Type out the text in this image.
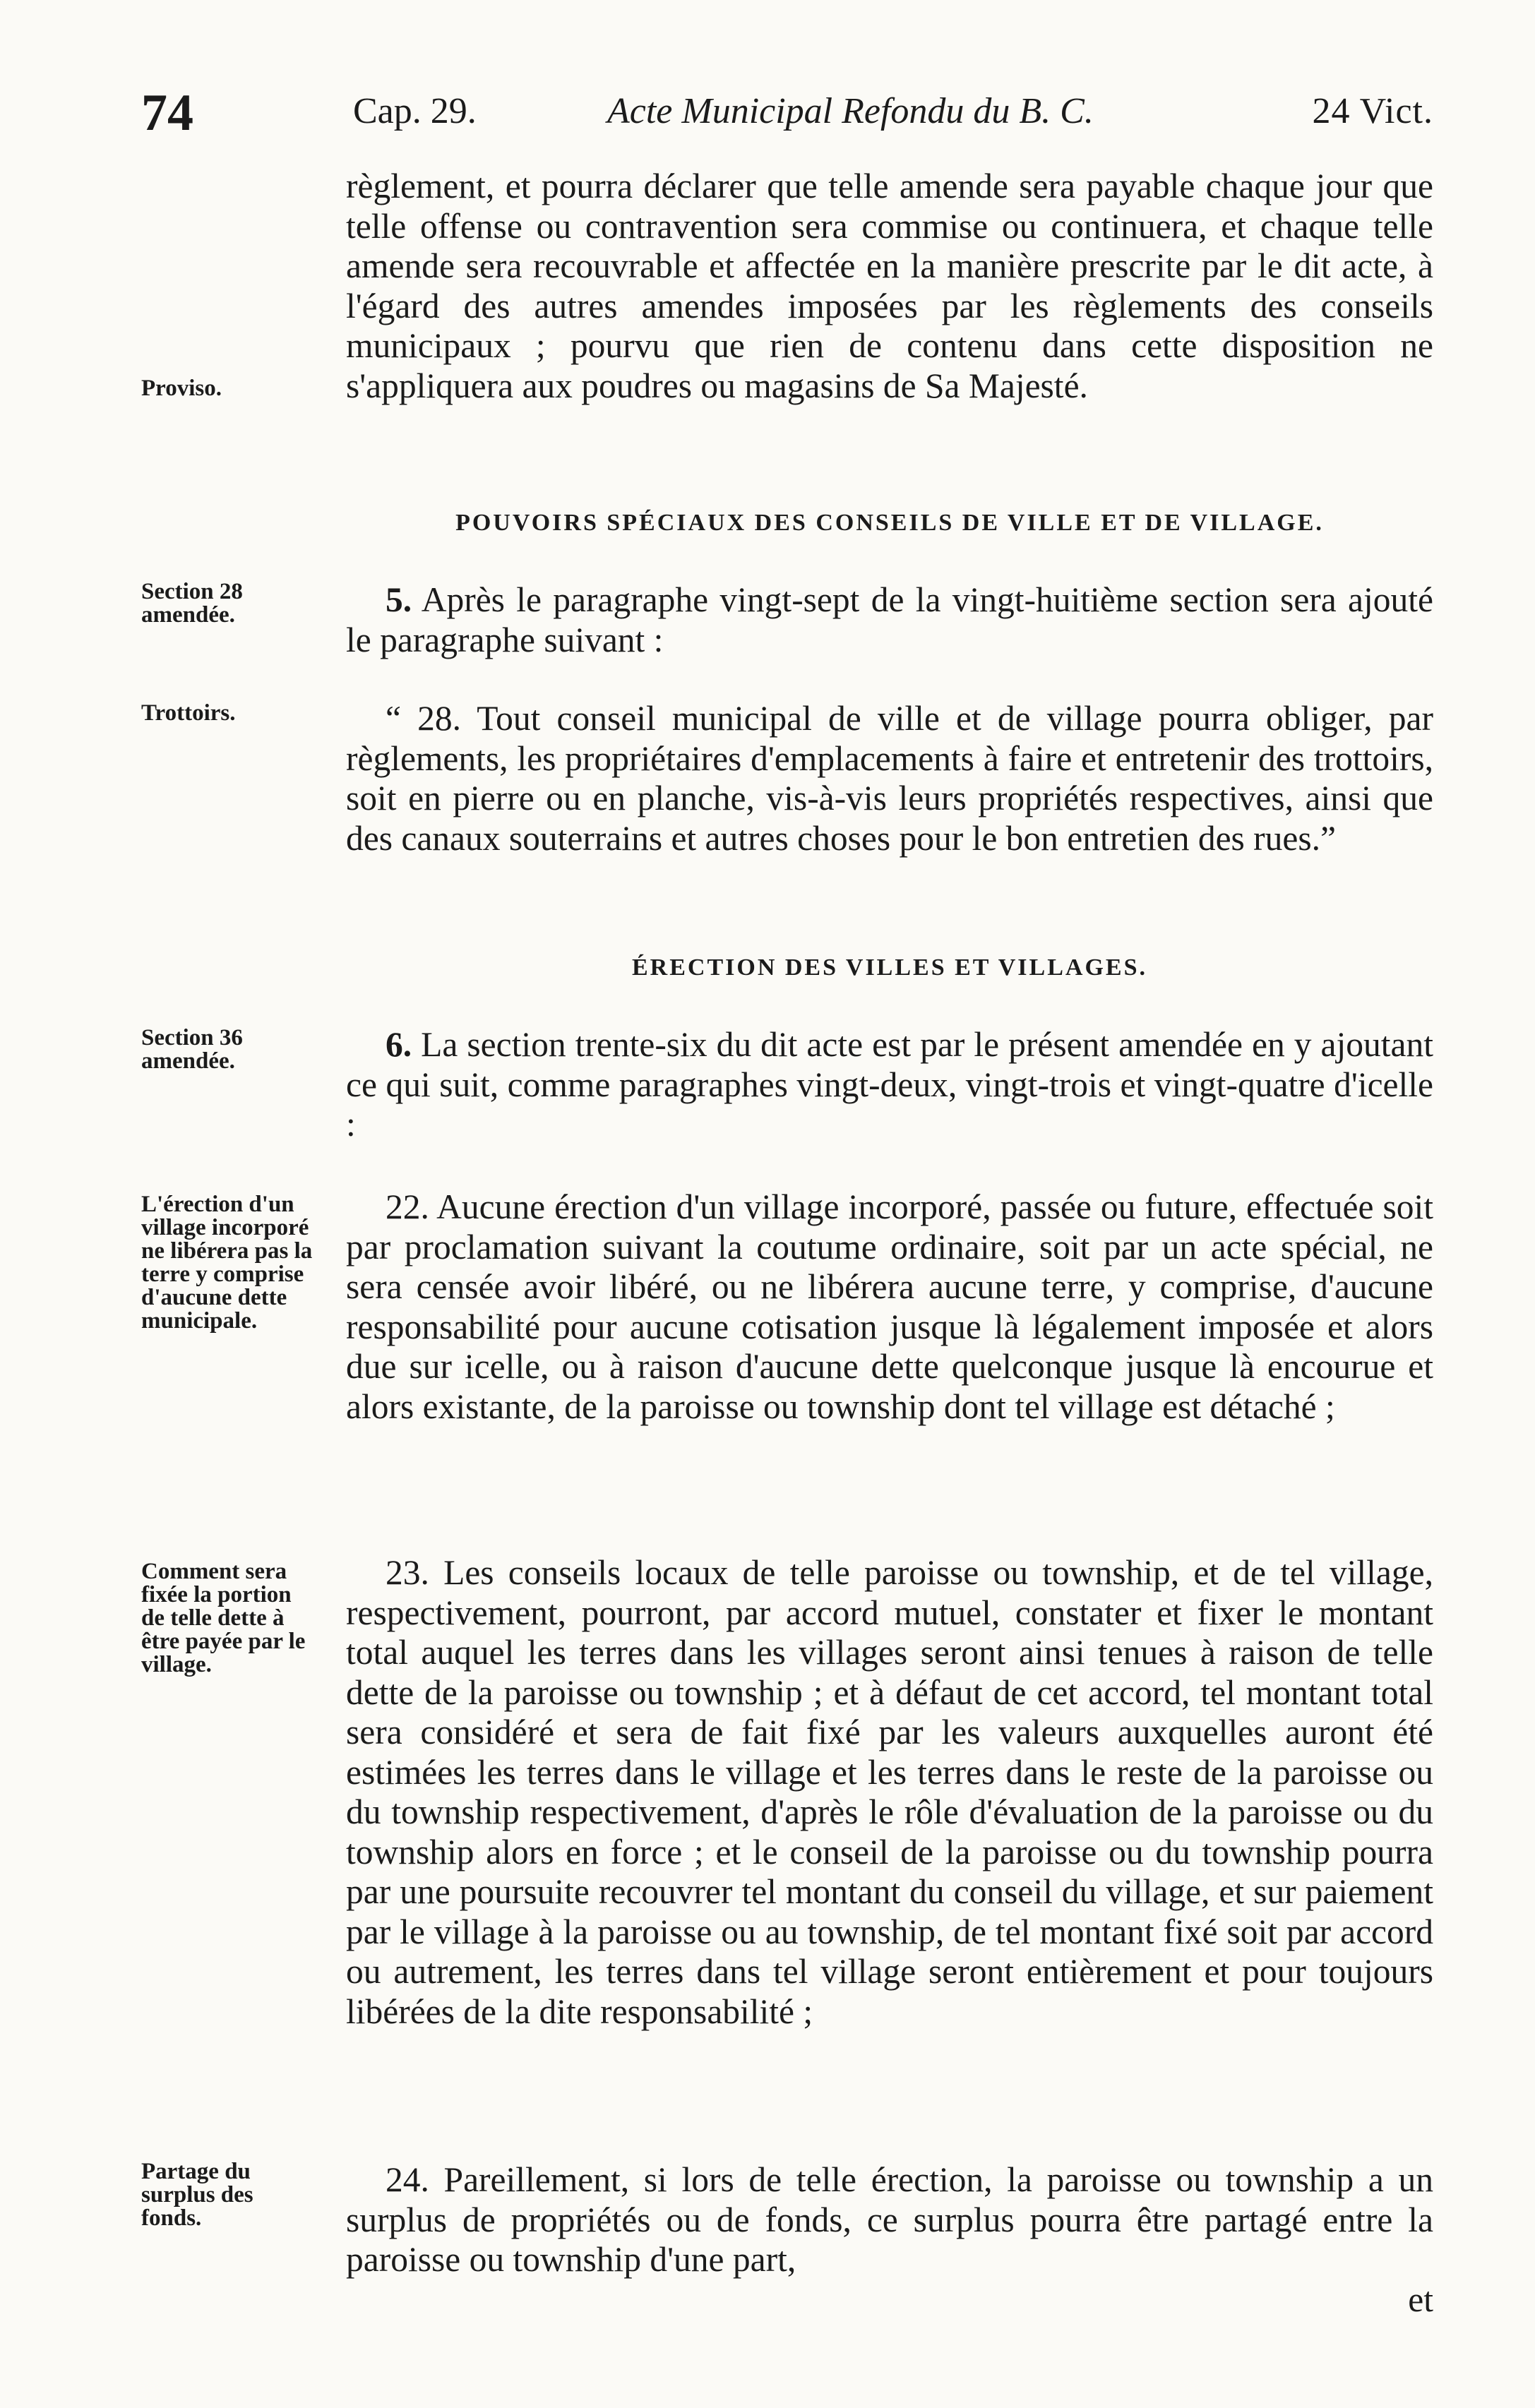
74	Cap. 29.	Acte Municipal Refondu du B. C.	24 Vict.
règlement, et pourra déclarer que telle amende sera payable chaque jour que telle offense ou contravention sera commise ou continuera, et chaque telle amende sera recouvrable et affectée en la manière prescrite par le dit acte, à l'égard des autres amendes imposées par les règlements des conseils municipaux ; pourvu que rien de contenu dans cette disposition ne s'appliquera aux poudres ou magasins de Sa Majesté.
Proviso.
POUVOIRS SPÉCIAUX DES CONSEILS DE VILLE ET DE VILLAGE.
5. Après le paragraphe vingt-sept de la vingt-huitième section sera ajouté le paragraphe suivant :
Section 28 amendée.
“ 28. Tout conseil municipal de ville et de village pourra obliger, par règlements, les propriétaires d'emplacements à faire et entretenir des trottoirs, soit en pierre ou en planche, vis-à-vis leurs propriétés respectives, ainsi que des canaux souterrains et autres choses pour le bon entretien des rues.”
Trottoirs.
ÉRECTION DES VILLES ET VILLAGES.
6. La section trente-six du dit acte est par le présent amendée en y ajoutant ce qui suit, comme paragraphes vingt-deux, vingt-trois et vingt-quatre d'icelle :
Section 36 amendée.
22. Aucune érection d'un village incorporé, passée ou future, effectuée soit par proclamation suivant la coutume ordinaire, soit par un acte spécial, ne sera censée avoir libéré, ou ne libérera aucune terre, y comprise, d'aucune responsabilité pour aucune cotisation jusque là légalement imposée et alors due sur icelle, ou à raison d'aucune dette quelconque jusque là encourue et alors existante, de la paroisse ou township dont tel village est détaché ;
L'érection d'un village incorporé ne libérera pas la terre y comprise d'aucune dette municipale.
23. Les conseils locaux de telle paroisse ou township, et de tel village, respectivement, pourront, par accord mutuel, constater et fixer le montant total auquel les terres dans les villages seront ainsi tenues à raison de telle dette de la paroisse ou township ; et à défaut de cet accord, tel montant total sera considéré et sera de fait fixé par les valeurs auxquelles auront été estimées les terres dans le village et les terres dans le reste de la paroisse ou du township respectivement, d'après le rôle d'évaluation de la paroisse ou du township alors en force ; et le conseil de la paroisse ou du township pourra par une poursuite recouvrer tel montant du conseil du village, et sur paiement par le village à la paroisse ou au township, de tel montant fixé soit par accord ou autrement, les terres dans tel village seront entièrement et pour toujours libérées de la dite responsabilité ;
Comment sera fixée la portion de telle dette à être payée par le village.
24. Pareillement, si lors de telle érection, la paroisse ou township a un surplus de propriétés ou de fonds, ce surplus pourra être partagé entre la paroisse ou township d'une part,
Partage du surplus des fonds.
et
